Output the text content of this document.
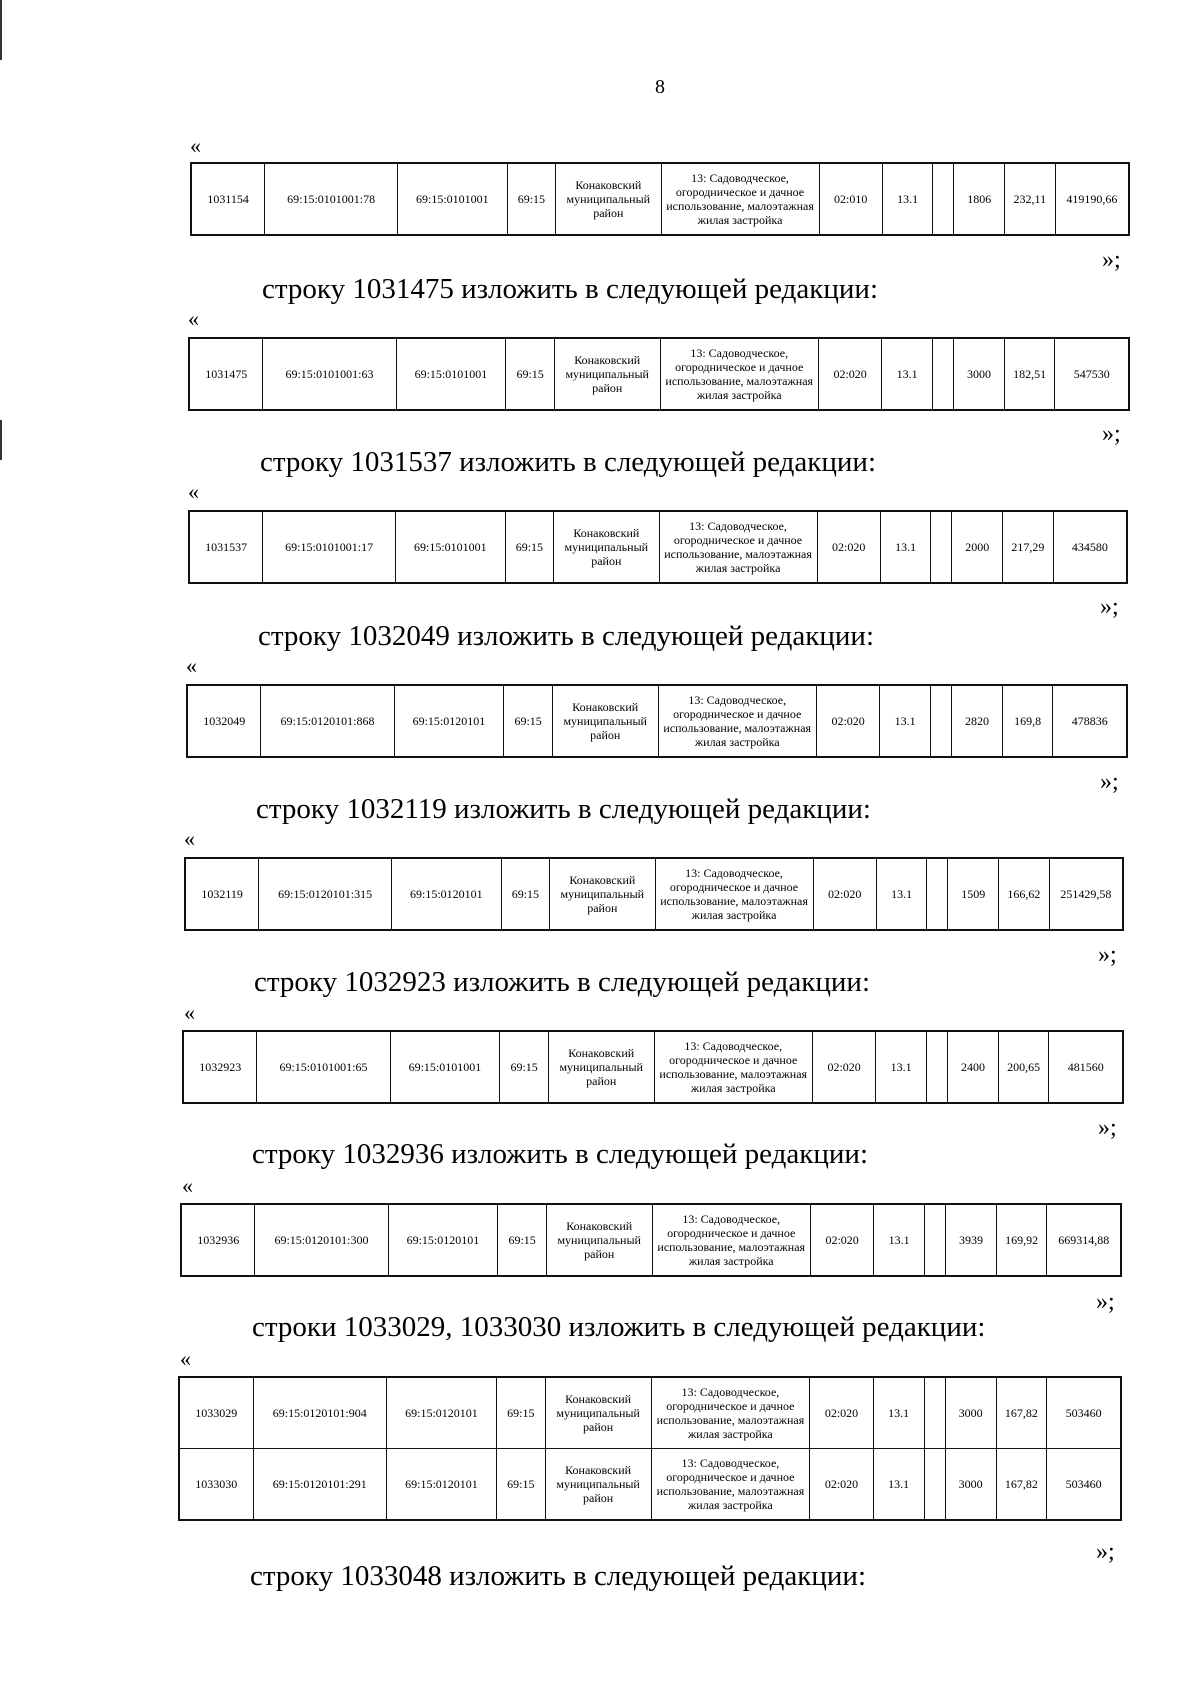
8
«
1031154	69:15:0101001:78	69:15:0101001	69:15	Конаковский муниципальный район	13: Садоводческое, огородническое и дачное использование, малоэтажная жилая застройка	02:010	13.1		1806	232,11	419190,66
»;
строку 1031475 изложить в следующей редакции:
«
1031475	69:15:0101001:63	69:15:0101001	69:15	Конаковский муниципальный район	13: Садоводческое, огородническое и дачное использование, малоэтажная жилая застройка	02:020	13.1		3000	182,51	547530
»;
строку 1031537 изложить в следующей редакции:
«
1031537	69:15:0101001:17	69:15:0101001	69:15	Конаковский муниципальный район	13: Садоводческое, огородническое и дачное использование, малоэтажная жилая застройка	02:020	13.1		2000	217,29	434580
»;
строку 1032049 изложить в следующей редакции:
«
1032049	69:15:0120101:868	69:15:0120101	69:15	Конаковский муниципальный район	13: Садоводческое, огородническое и дачное использование, малоэтажная жилая застройка	02:020	13.1		2820	169,8	478836
»;
строку 1032119 изложить в следующей редакции:
«
1032119	69:15:0120101:315	69:15:0120101	69:15	Конаковский муниципальный район	13: Садоводческое, огородническое и дачное использование, малоэтажная жилая застройка	02:020	13.1		1509	166,62	251429,58
»;
строку 1032923 изложить в следующей редакции:
«
1032923	69:15:0101001:65	69:15:0101001	69:15	Конаковский муниципальный район	13: Садоводческое, огородническое и дачное использование, малоэтажная жилая застройка	02:020	13.1		2400	200,65	481560
»;
строку 1032936 изложить в следующей редакции:
«
1032936	69:15:0120101:300	69:15:0120101	69:15	Конаковский муниципальный район	13: Садоводческое, огородническое и дачное использование, малоэтажная жилая застройка	02:020	13.1		3939	169,92	669314,88
»;
строки 1033029, 1033030 изложить в следующей редакции:
«
1033029	69:15:0120101:904	69:15:0120101	69:15	Конаковский муниципальный район	13: Садоводческое, огородническое и дачное использование, малоэтажная жилая застройка	02:020	13.1		3000	167,82	503460
1033030	69:15:0120101:291	69:15:0120101	69:15	Конаковский муниципальный район	13: Садоводческое, огородническое и дачное использование, малоэтажная жилая застройка	02:020	13.1		3000	167,82	503460
»;
строку 1033048 изложить в следующей редакции:
